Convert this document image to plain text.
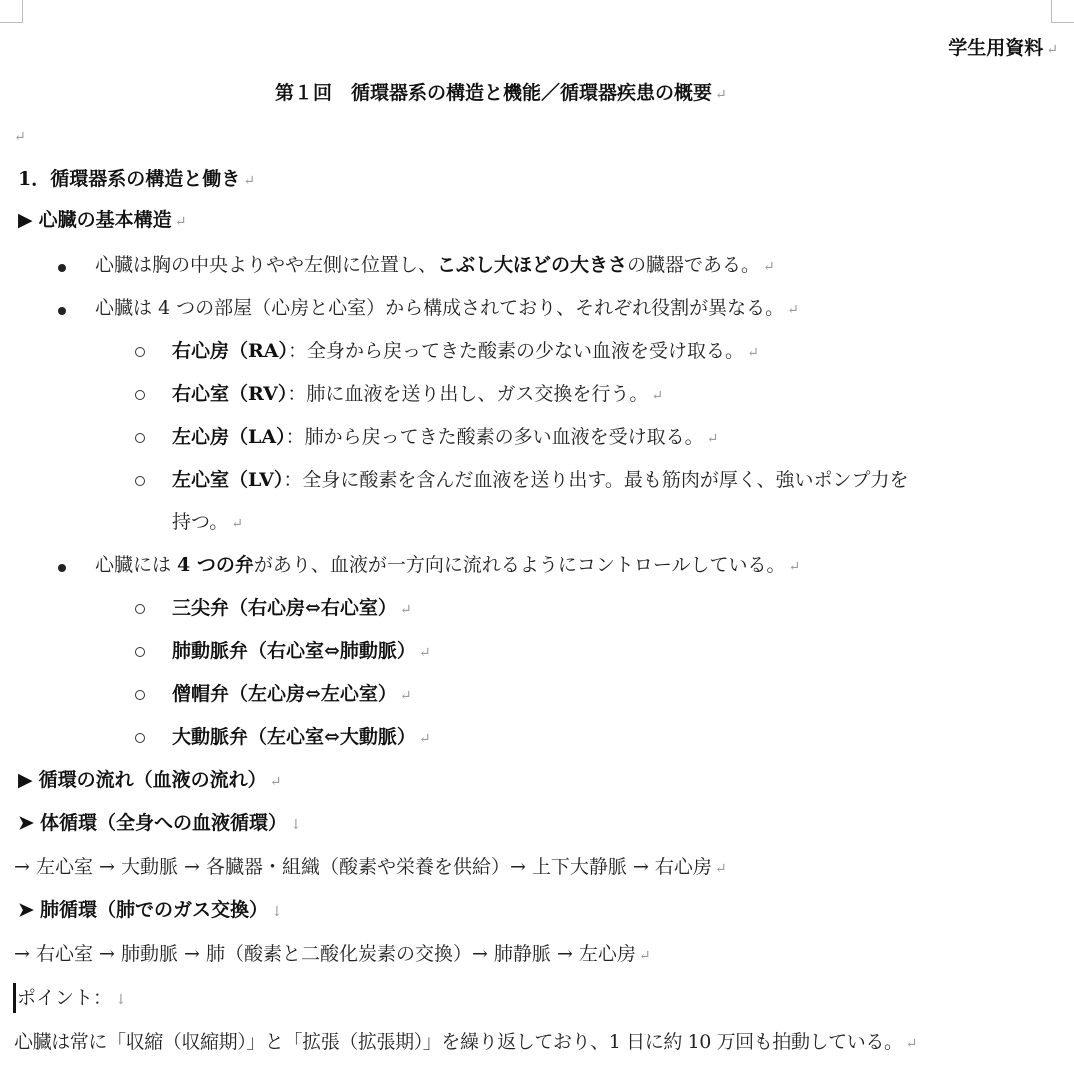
学生用資料 ↵
第１回　循環器系の構造と機能／循環器疾患の概要 ↵
↵
1．循環器系の構造と働き ↵
▶ 心臓の基本構造 ↵
心臓は胸の中央よりやや左側に位置し、こぶし大ほどの大きさの臓器である。 ↵
心臓は 4 つの部屋（心房と心室）から構成されており、それぞれ役割が異なる。 ↵
右心房（RA）：全身から戻ってきた酸素の少ない血液を受け取る。 ↵
右心室（RV）：肺に血液を送り出し、ガス交換を行う。 ↵
左心房（LA）：肺から戻ってきた酸素の多い血液を受け取る。 ↵
左心室（LV）：全身に酸素を含んだ血液を送り出す。最も筋肉が厚く、強いポンプ力を
持つ。 ↵
心臓には 4 つの弁があり、血液が一方向に流れるようにコントロールしている。 ↵
三尖弁（右心房⇔右心室） ↵
肺動脈弁（右心室⇔肺動脈） ↵
僧帽弁（左心房⇔左心室） ↵
大動脈弁（左心室⇔大動脈） ↵
▶ 循環の流れ（血液の流れ） ↵
➤ 体循環（全身への血液循環） ↓
→ 左心室 → 大動脈 → 各臓器・組織（酸素や栄養を供給）→ 上下大静脈 → 右心房 ↵
➤ 肺循環（肺でのガス交換） ↓
→ 右心室 → 肺動脈 → 肺（酸素と二酸化炭素の交換）→ 肺静脈 → 左心房 ↵
ポイント： ↓
心臓は常に「収縮（収縮期）」と「拡張（拡張期）」を繰り返しており、1 日に約 10 万回も拍動している。 ↵
